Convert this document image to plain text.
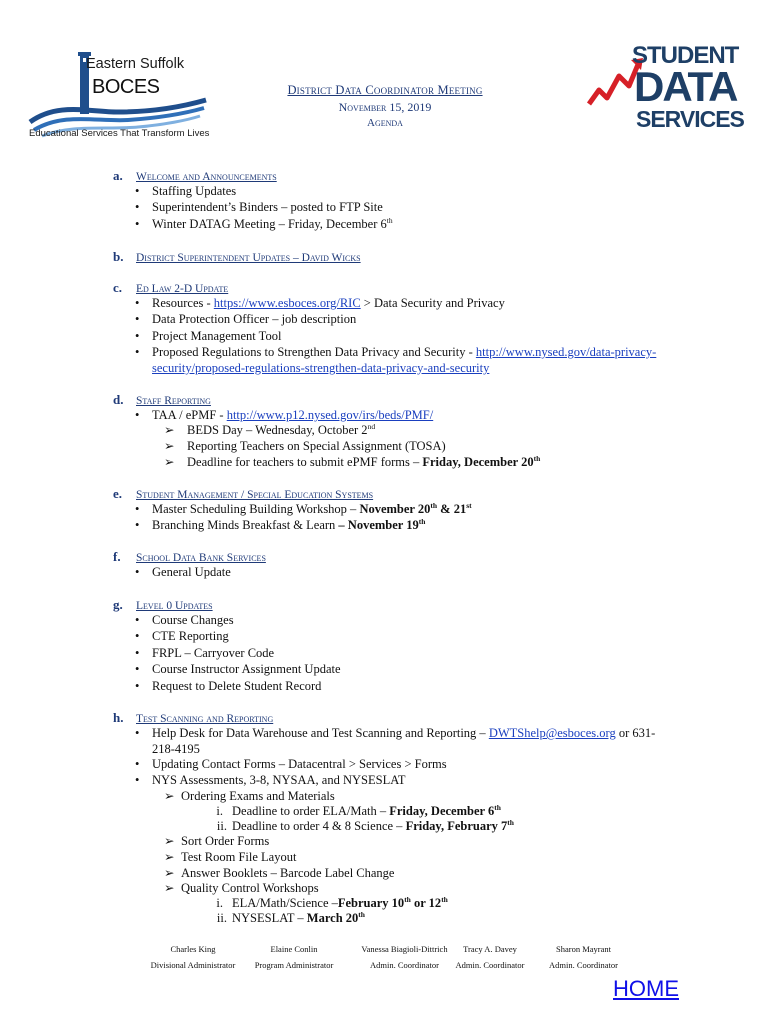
Eastern Suffolk
BOCES
Educational Services That Transform Lives
District Data Coordinator Meeting
November 15, 2019
Agenda
STUDENT
DATA
SERVICES
a. Welcome and Announcements
• Staffing Updates
• Superintendent’s Binders – posted to FTP Site
• Winter DATAG Meeting – Friday, December 6th
b. District Superintendent Updates – David Wicks
c. Ed Law 2-D Update
• Resources - https://www.esboces.org/RIC > Data Security and Privacy
• Data Protection Officer – job description
• Project Management Tool
• Proposed Regulations to Strengthen Data Privacy and Security - http://www.nysed.gov/data-privacy-
security/proposed-regulations-strengthen-data-privacy-and-security
d. Staff Reporting
• TAA / ePMF - http://www.p12.nysed.gov/irs/beds/PMF/
➢ BEDS Day – Wednesday, October 2nd
➢ Reporting Teachers on Special Assignment (TOSA)
➢ Deadline for teachers to submit ePMF forms – Friday, December 20th
e. Student Management / Special Education Systems
• Master Scheduling Building Workshop – November 20th & 21st
• Branching Minds Breakfast & Learn – November 19th
f. School Data Bank Services
• General Update
g. Level 0 Updates
• Course Changes
• CTE Reporting
• FRPL – Carryover Code
• Course Instructor Assignment Update
• Request to Delete Student Record
h. Test Scanning and Reporting
• Help Desk for Data Warehouse and Test Scanning and Reporting – DWTShelp@esboces.org or 631-
218-4195
• Updating Contact Forms – Datacentral > Services > Forms
• NYS Assessments, 3-8, NYSAA, and NYSESLAT
➢ Ordering Exams and Materials
i. Deadline to order ELA/Math – Friday, December 6th
ii. Deadline to order 4 & 8 Science – Friday, February 7th
➢ Sort Order Forms
➢ Test Room File Layout
➢ Answer Booklets – Barcode Label Change
➢ Quality Control Workshops
i. ELA/Math/Science –February 10th or 12th
ii. NYSESLAT – March 20th
Charles King
Divisional Administrator
Elaine Conlin
Program Administrator
Vanessa Biagioli-Dittrich
Admin. Coordinator
Tracy A. Davey
Admin. Coordinator
Sharon Mayrant
Admin. Coordinator
HOME
